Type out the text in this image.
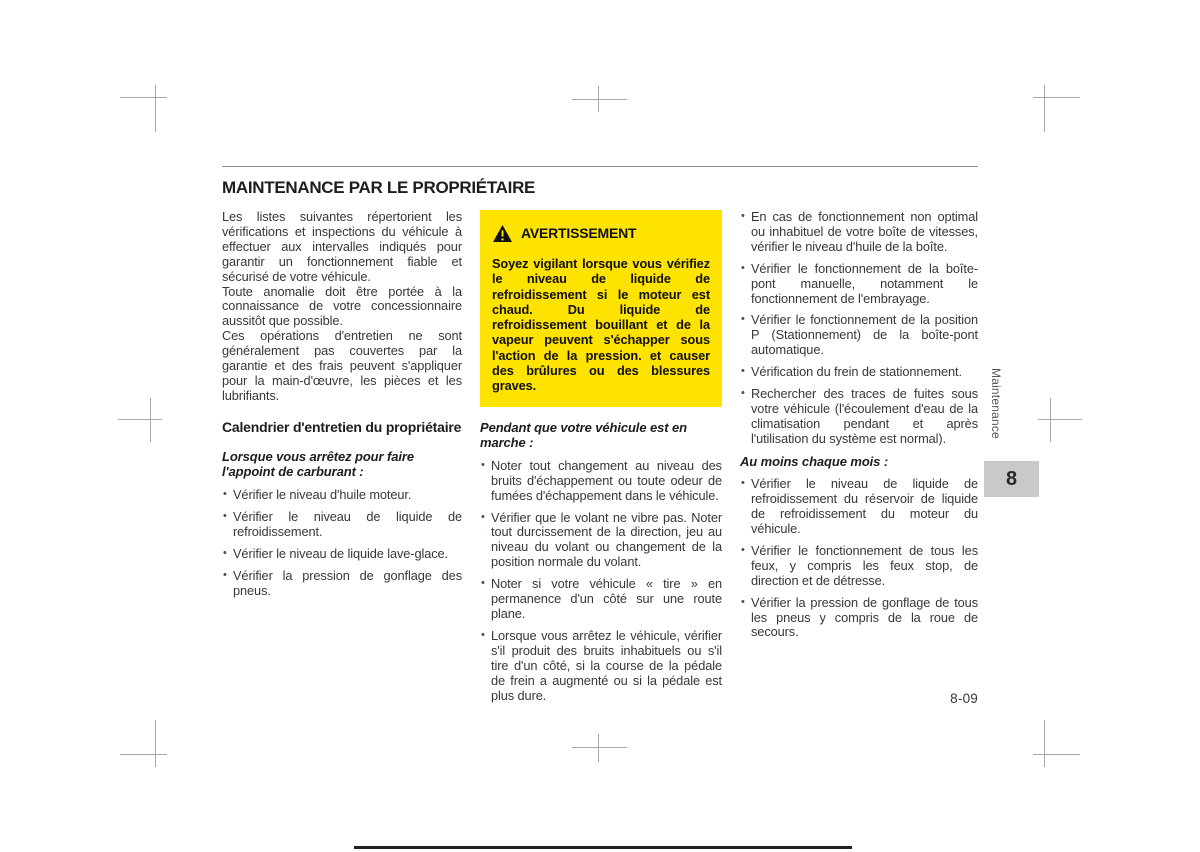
MAINTENANCE PAR LE PROPRIÉTAIRE

Les listes suivantes répertorient les vérifications et inspections du véhicule à effectuer aux intervalles indiqués pour garantir un fonctionnement fiable et sécurisé de votre véhicule.

Toute anomalie doit être portée à la connaissance de votre concessionnaire aussitôt que possible.

Ces opérations d'entretien ne sont généralement pas couvertes par la garantie et des frais peuvent s'appliquer pour la main-d'œuvre, les pièces et les lubrifiants.

Calendrier d'entretien du propriétaire
Lorsque vous arrêtez pour faire l'appoint de carburant :
• Vérifier le niveau d'huile moteur.
• Vérifier le niveau de liquide de refroidissement.
• Vérifier le niveau de liquide lave-glace.
• Vérifier la pression de gonflage des pneus.
AVERTISSEMENT

Soyez vigilant lorsque vous vérifiez le niveau de liquide de refroidissement si le moteur est chaud. Du liquide de refroidissement bouillant et de la vapeur peuvent s'échapper sous l'action de la pression. et causer des brûlures ou des blessures graves.

Pendant que votre véhicule est en marche :
• Noter tout changement au niveau des bruits d'échappement ou toute odeur de fumées d'échappement dans le véhicule.
• Vérifier que le volant ne vibre pas. Noter tout durcissement de la direction, jeu au niveau du volant ou changement de la position normale du volant.
• Noter si votre véhicule « tire » en permanence d'un côté sur une route plane.
• Lorsque vous arrêtez le véhicule, vérifier s'il produit des bruits inhabituels ou s'il tire d'un côté, si la course de la pédale de frein a augmenté ou si la pédale est plus dure.
• En cas de fonctionnement non optimal ou inhabituel de votre boîte de vitesses, vérifier le niveau d'huile de la boîte.
• Vérifier le fonctionnement de la boîte-pont manuelle, notamment le fonctionnement de l'embrayage.
• Vérifier le fonctionnement de la position P (Stationnement) de la boîte-pont automatique.
• Vérification du frein de stationnement.
• Rechercher des traces de fuites sous votre véhicule (l'écoulement d'eau de la climatisation pendant et après l'utilisation du système est normal).
Au moins chaque mois :
• Vérifier le niveau de liquide de refroidissement du réservoir de liquide de refroidissement du moteur du véhicule.
• Vérifier le fonctionnement de tous les feux, y compris les feux stop, de direction et de détresse.
• Vérifier la pression de gonflage de tous les pneus y compris de la roue de secours.
Maintenance
8
8-09
